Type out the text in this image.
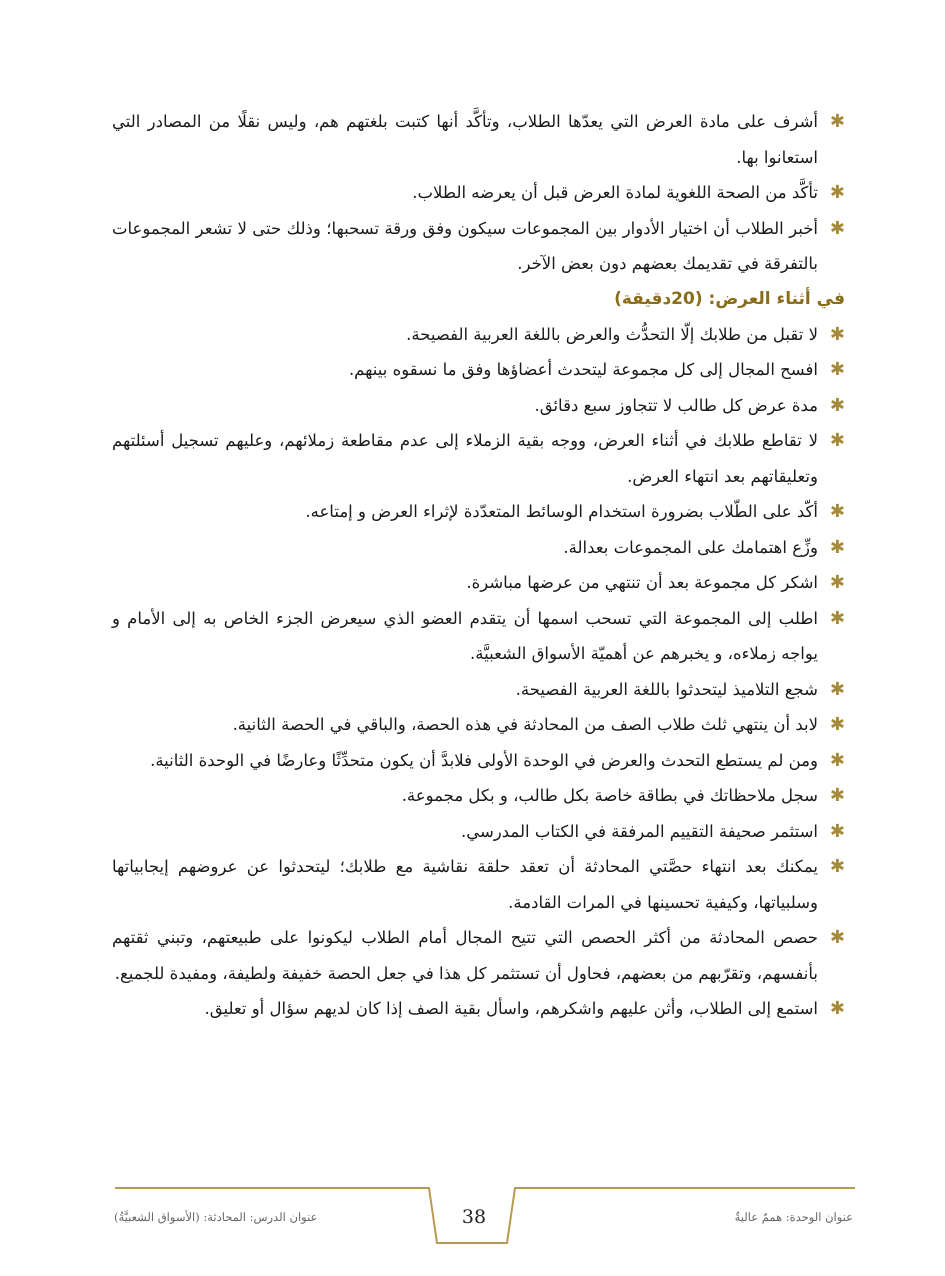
✱
أشرف على مادة العرض التي يعدّها الطلاب، وتأكَّد أنها كتبت بلغتهم هم، وليس نقلًا من المصادر التي استعانوا بها.
✱
تأكَّد من الصحة اللغوية لمادة العرض قبل أن يعرضه الطلاب.
✱
أخبر الطلاب أن اختيار الأدوار بين المجموعات سيكون وفق ورقة تسحبها؛ وذلك حتى لا تشعر المجموعات بالتفرقة في تقديمك بعضهم دون بعض الآخر.

في أثناء العرض: (20دقيقة)

✱
لا تقبل من طلابك إلّا التحدُّث والعرض باللغة العربية الفصيحة.
✱
افسح المجال إلى كل مجموعة ليتحدث أعضاؤها وفق ما نسقوه بينهم.
✱
مدة عرض كل طالب لا تتجاوز سبع دقائق.
✱
لا تقاطع طلابك في أثناء العرض، ووجه بقية الزملاء إلى عدم مقاطعة زملائهم، وعليهم تسجيل أسئلتهم وتعليقاتهم بعد انتهاء العرض.
✱
أكّد على الطّلاب بضرورة استخدام الوسائط المتعدّدة لإثراء العرض و إمتاعه.
✱
وزِّع اهتمامك على المجموعات بعدالة.
✱
اشكر كل مجموعة بعد أن تنتهي من عرضها مباشرة.
✱
اطلب إلى المجموعة التي تسحب اسمها أن يتقدم العضو الذي سيعرض الجزء الخاص به إلى الأمام و يواجه زملاءه، و يخبرهم عن أهميّة الأسواق الشعبيَّة.
✱
شجع التلاميذ ليتحدثوا باللغة العربية الفصيحة.
✱
لابد أن ينتهي ثلث طلاب الصف من المحادثة في هذه الحصة، والباقي في الحصة الثانية.
✱
ومن لم يستطع التحدث والعرض في الوحدة الأولى فلابدَّ أن يكون متحدِّثًا وعارضًا في الوحدة الثانية.
✱
سجل ملاحظاتك في بطاقة خاصة بكل طالب، و بكل مجموعة.
✱
استثمر صحيفة التقييم المرفقة في الكتاب المدرسي.
✱
يمكنك بعد انتهاء حصَّتي المحادثة أن تعقد حلقة نقاشية مع طلابك؛ ليتحدثوا عن عروضهم إيجابياتها وسلبياتها، وكيفية تحسينها في المرات القادمة.
✱
حصص المحادثة من أكثر الحصص التي تتيح المجال أمام الطلاب ليكونوا على طبيعتهم، وتبني ثقتهم بأنفسهم، وتقرّبهم من بعضهم، فحاول أن تستثمر كل هذا في جعل الحصة خفيفة ولطيفة، ومفيدة للجميع.
✱
استمع إلى الطلاب، وأثن عليهم واشكرهم، واسأل بقية الصف إذا كان لديهم سؤال أو تعليق.
عنوان الوحدة: هممٌ عاليةٌ
38
عنوان الدرس: المحادثة: (الأسواق الشعبيَّةُ)
